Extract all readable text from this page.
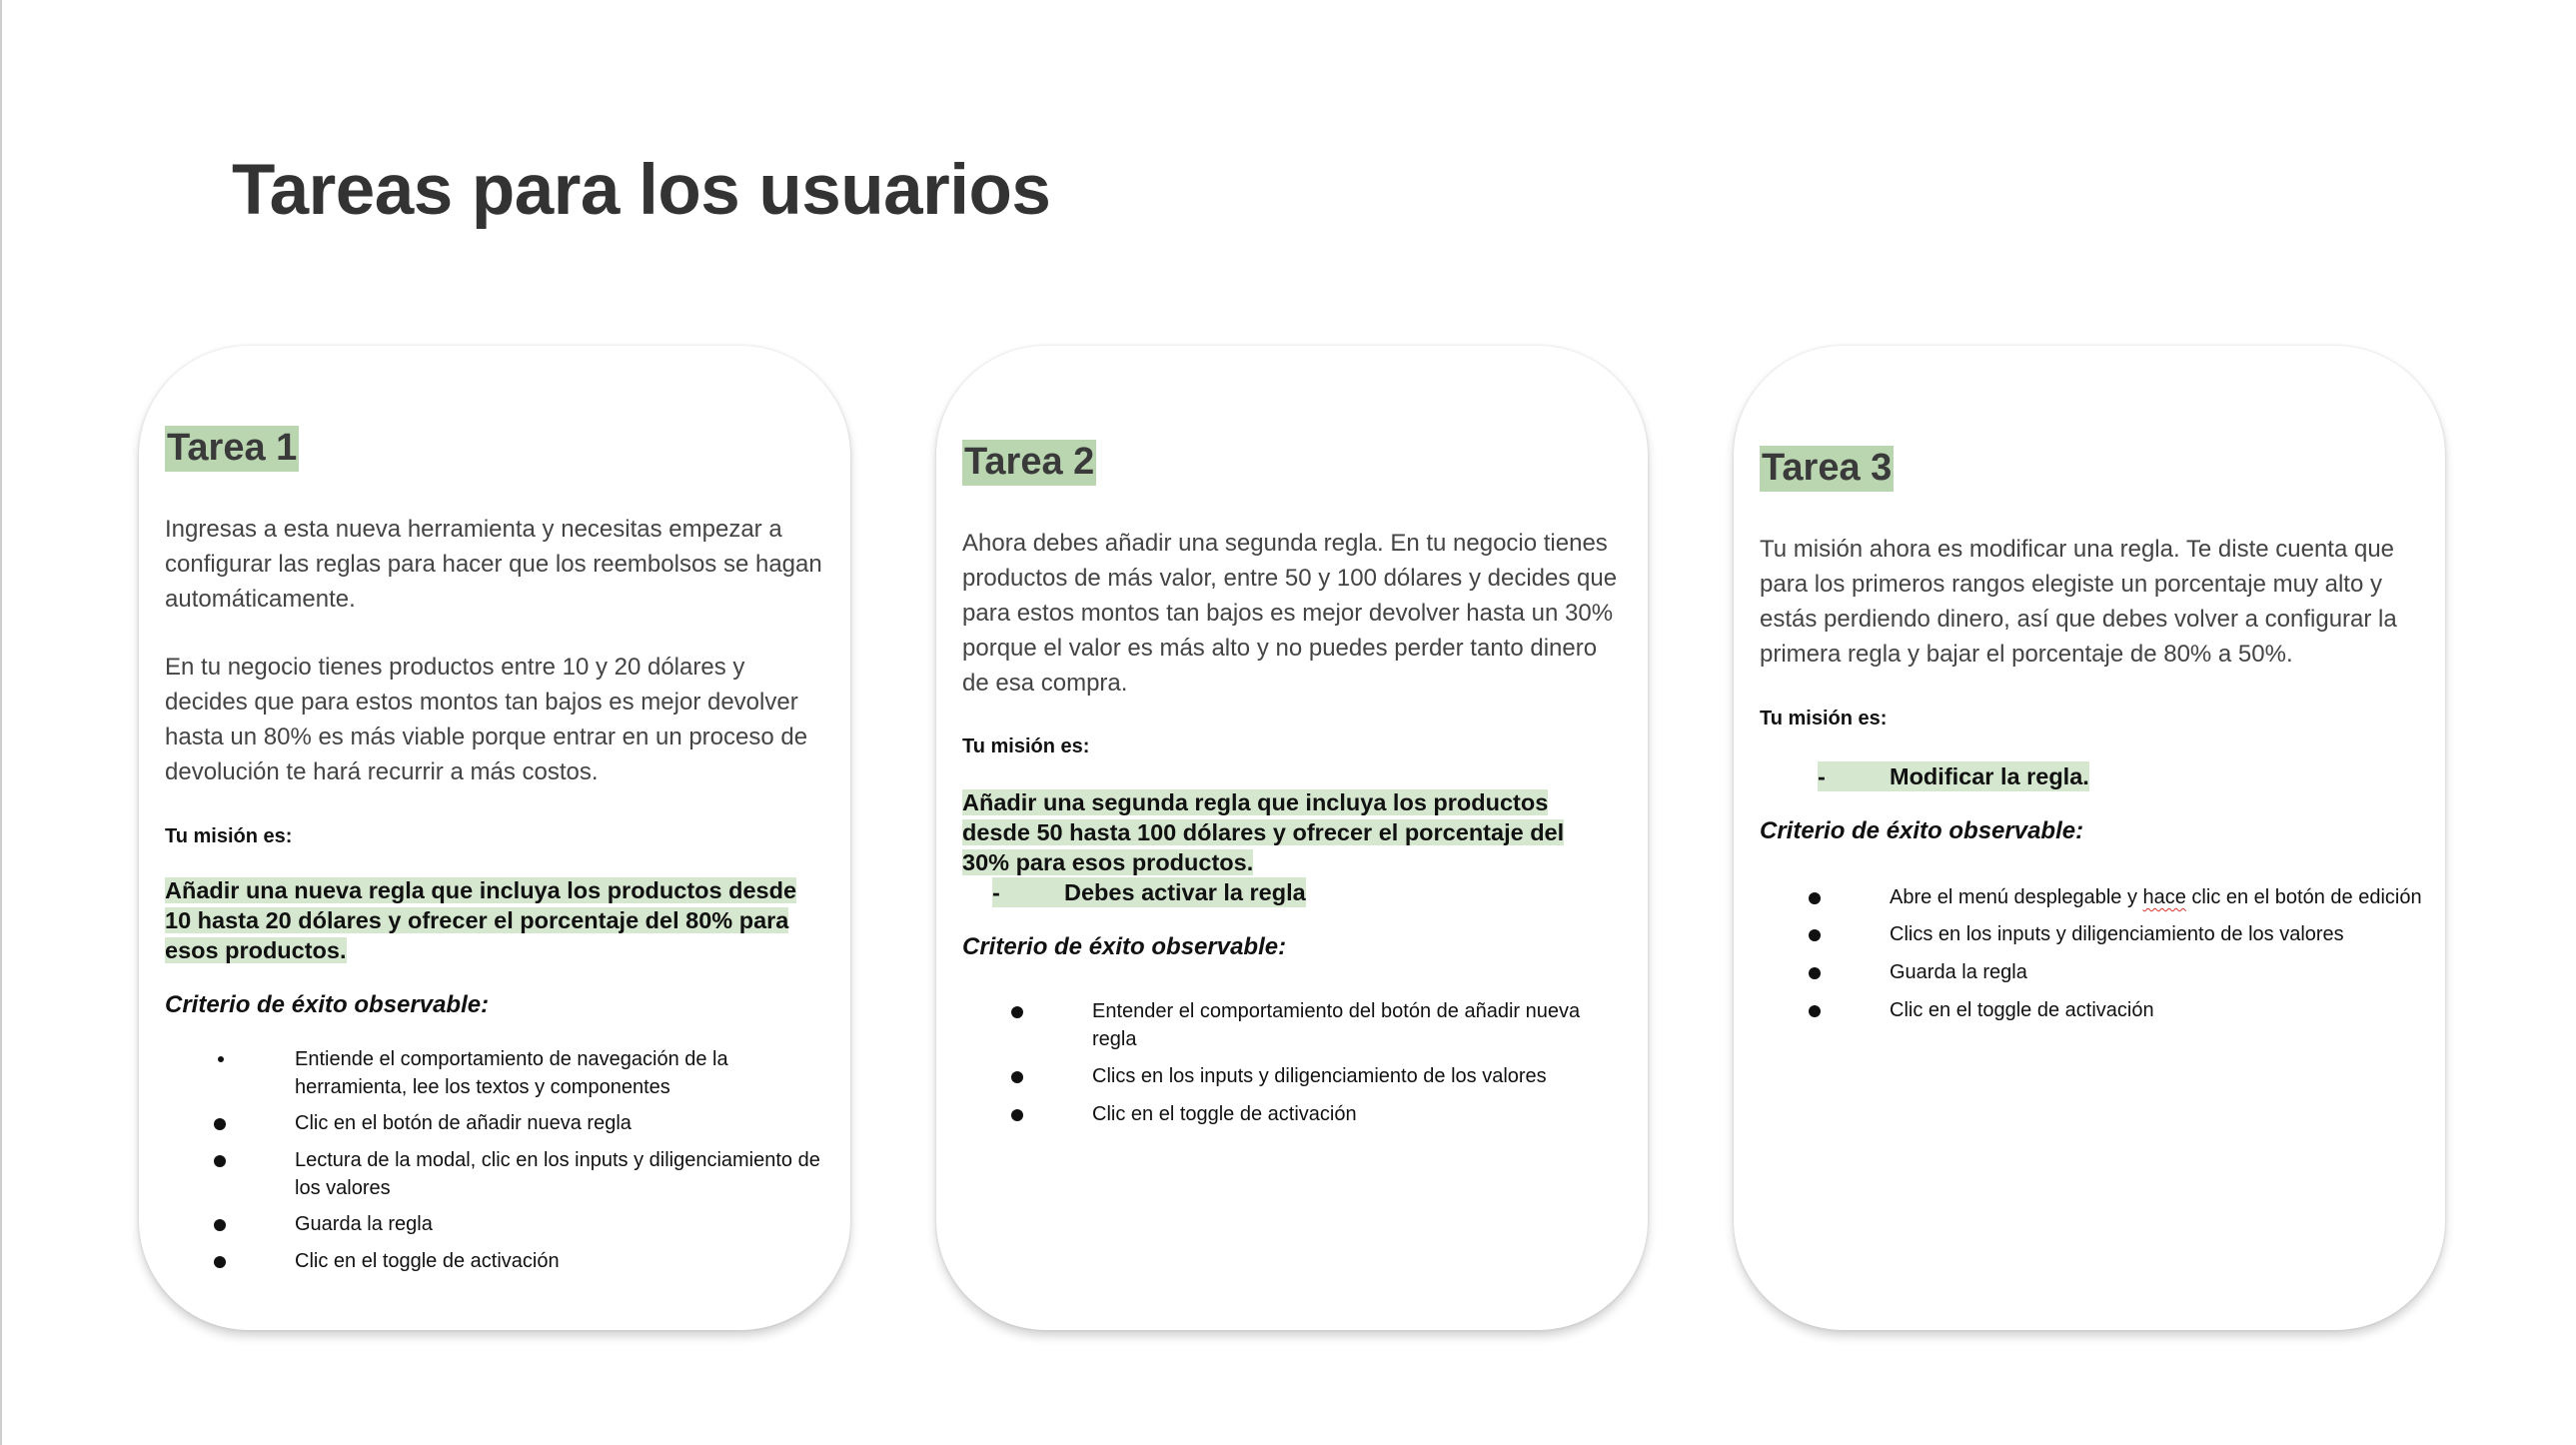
Tareas para los usuarios
Tarea 1

Ingresas a esta nueva herramienta y necesitas empezar a configurar las reglas para hacer que los reembolsos se hagan automáticamente.

En tu negocio tienes productos entre 10 y 20 dólares y decides que para estos montos tan bajos es mejor devolver hasta un 80% es más viable porque entrar en un proceso de devolución te hará recurrir a más costos.

Tu misión es:

Añadir una nueva regla que incluya los productos desde 10 hasta 20 dólares y ofrecer el porcentaje del 80% para esos productos.

Criterio de éxito observable:

Entiende el comportamiento de navegación de la herramienta, lee los textos y componentes
Clic en el botón de añadir nueva regla
Lectura de la modal, clic en los inputs y diligenciamiento de los valores
Guarda la regla
Clic en el toggle de activación
Tarea 2

Ahora debes añadir una segunda regla. En tu negocio tienes productos de más valor, entre 50 y 100 dólares y decides que para estos montos tan bajos es mejor devolver hasta un 30% porque el valor es más alto y no puedes perder tanto dinero de esa compra.

Tu misión es:

Añadir una segunda regla que incluya los productos desde 50 hasta 100 dólares y ofrecer el porcentaje del 30% para esos productos.

-	Debes activar la regla

Criterio de éxito observable:

Entender el comportamiento del botón de añadir nueva regla
Clics en los inputs y diligenciamiento de los valores
Clic en el toggle de activación
Tarea 3

Tu misión ahora es modificar una regla. Te diste cuenta que para los primeros rangos elegiste un porcentaje muy alto y estás perdiendo dinero, así que debes volver a configurar la primera regla y bajar el porcentaje de 80% a 50%.

Tu misión es:

-	Modificar la regla.

Criterio de éxito observable:

Abre el menú desplegable y hace clic en el botón de edición
Clics en los inputs y diligenciamiento de los valores
Guarda la regla
Clic en el toggle de activación
